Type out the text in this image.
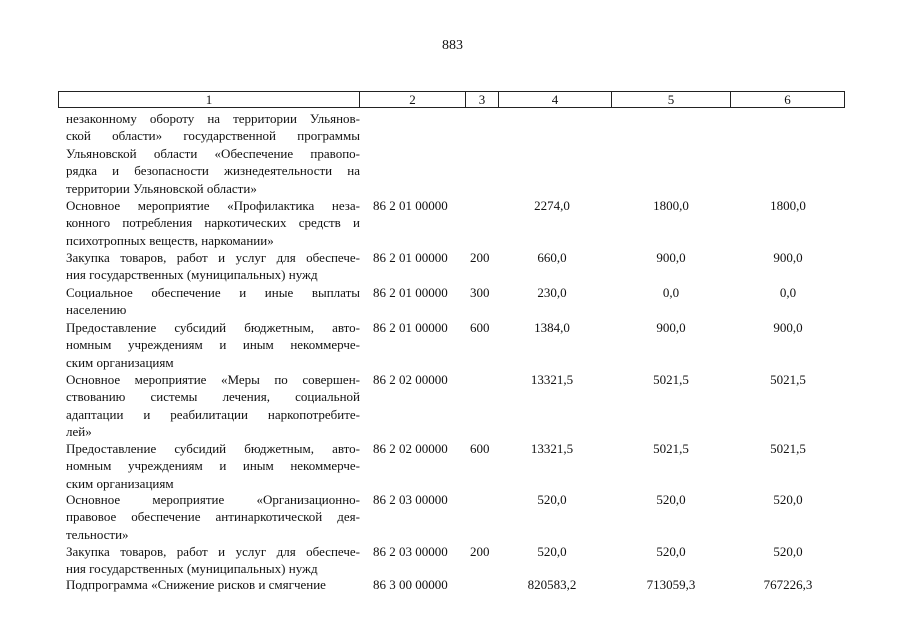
883
1	2	3	4	5	6
незаконному обороту на территории Ульянов-
ской области» государственной программы
Ульяновской области «Обеспечение правопо-
рядка и безопасности жизнедеятельности на
территории Ульяновской области»
Основное мероприятие «Профилактика неза-
конного потребления наркотических средств и
психотропных веществ, наркомании»
86 2 01 00000	2274,0	1800,0	1800,0
Закупка товаров, работ и услуг для обеспече-
ния государственных (муниципальных) нужд
86 2 01 00000 200	660,0	900,0	900,0
Социальное обеспечение и иные выплаты
населению
86 2 01 00000 300	230,0	0,0	0,0
Предоставление субсидий бюджетным, авто-
номным учреждениям и иным некоммерче-
ским организациям
86 2 01 00000 600	1384,0	900,0	900,0
Основное мероприятие «Меры по совершен-
ствованию системы лечения, социальной
адаптации и реабилитации наркопотребите-
лей»
86 2 02 00000	13321,5	5021,5	5021,5
Предоставление субсидий бюджетным, авто-
номным учреждениям и иным некоммерче-
ским организациям
86 2 02 00000 600	13321,5	5021,5	5021,5
Основное мероприятие «Организационно-
правовое обеспечение антинаркотической дея-
тельности»
86 2 03 00000	520,0	520,0	520,0
Закупка товаров, работ и услуг для обеспече-
ния государственных (муниципальных) нужд
86 2 03 00000 200	520,0	520,0	520,0
Подпрограмма «Снижение рисков и смягчение	86 3 00 00000	820583,2	713059,3	767226,3
